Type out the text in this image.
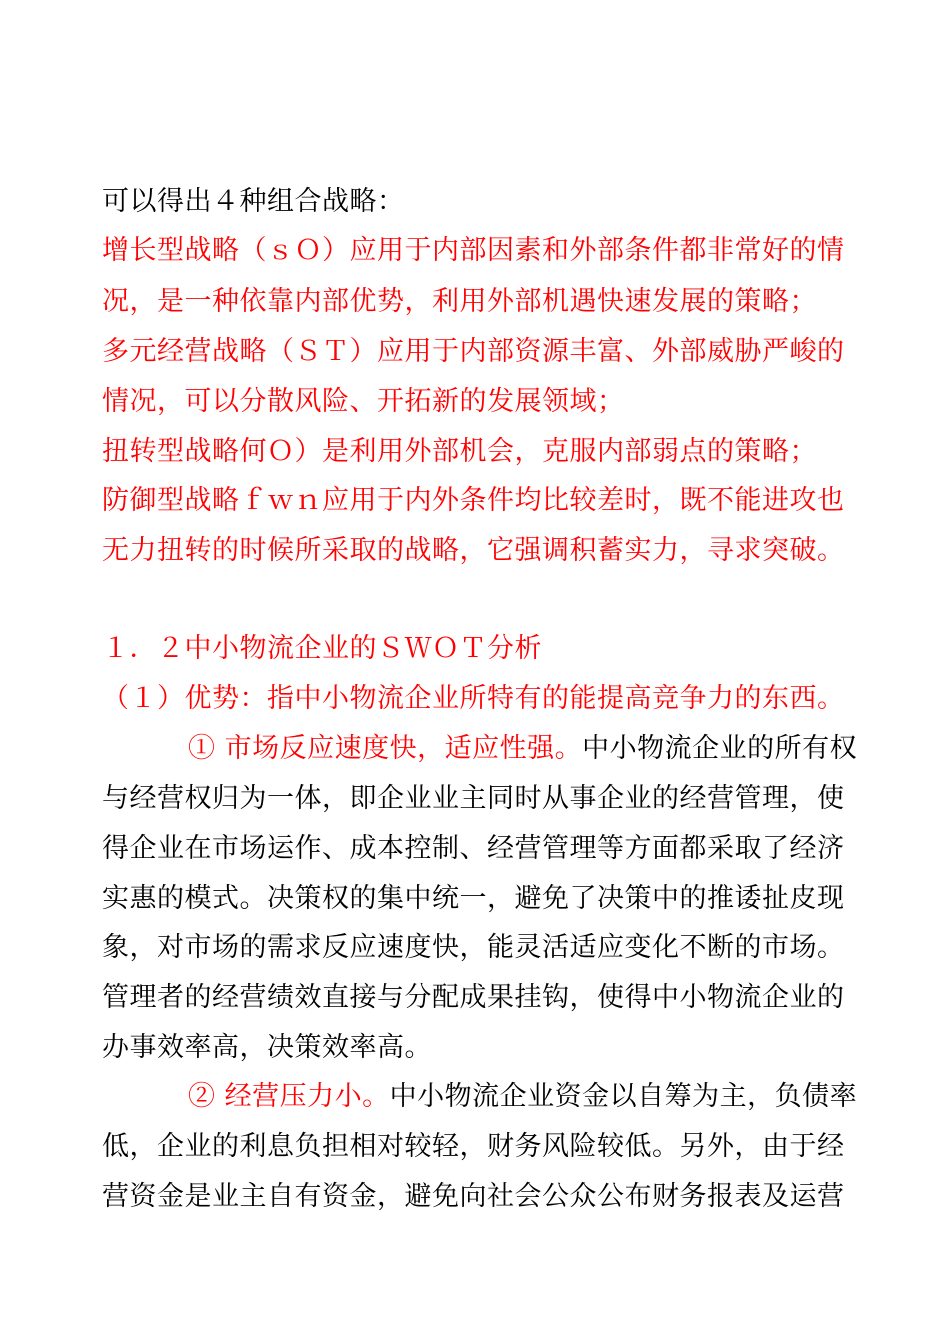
可以得出４种组合战略：
增长型战略（ｓＯ）应用于内部因素和外部条件都非常好的情
况，是一种依靠内部优势，利用外部机遇快速发展的策略；
多元经营战略（ＳＴ）应用于内部资源丰富、外部威胁严峻的
情况，可以分散风险、开拓新的发展领域；
扭转型战略何Ｏ）是利用外部机会，克服内部弱点的策略；
防御型战略ｆｗｎ应用于内外条件均比较差时，既不能进攻也
无力扭转的时候所采取的战略，它强调积蓄实力，寻求突破。
１．２中小物流企业的ＳＷＯＴ分析
（１）优势：指中小物流企业所特有的能提高竞争力的东西。
① 市场反应速度快，适应性强。中小物流企业的所有权
与经营权归为一体，即企业业主同时从事企业的经营管理，使
得企业在市场运作、成本控制、经营管理等方面都采取了经济
实惠的模式。决策权的集中统一，避免了决策中的推诿扯皮现
象，对市场的需求反应速度快，能灵活适应变化不断的市场。
管理者的经营绩效直接与分配成果挂钩，使得中小物流企业的
办事效率高，决策效率高。
② 经营压力小。中小物流企业资金以自筹为主，负债率
低，企业的利息负担相对较轻，财务风险较低。另外，由于经
营资金是业主自有资金，避免向社会公众公布财务报表及运营
